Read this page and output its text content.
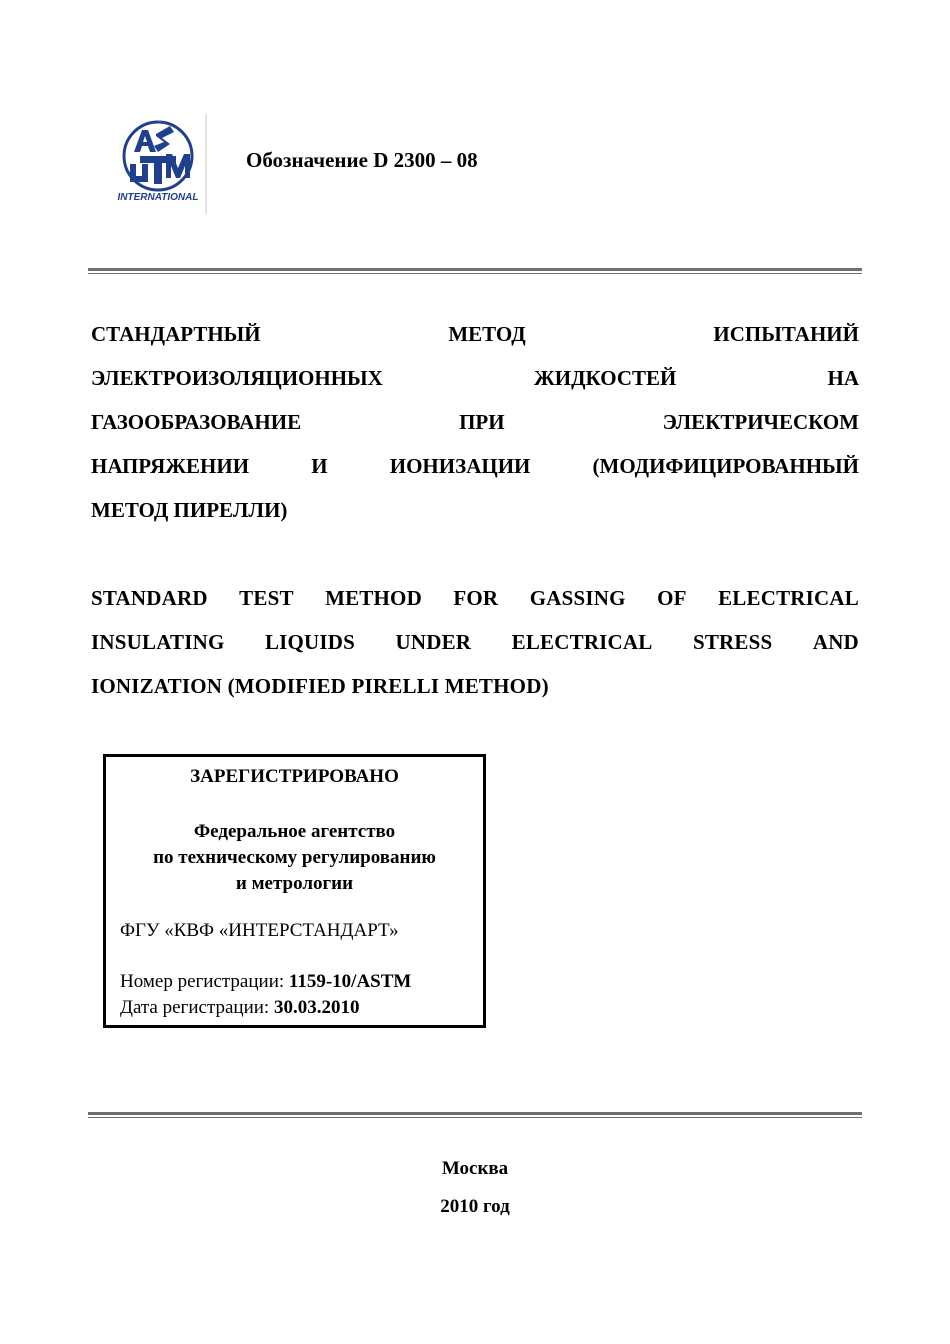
ASTM
INTERNATIONAL
Обозначение D 2300 – 08
СТАНДАРТНЫЙ	МЕТОД	ИСПЫТАНИЙ
ЭЛЕКТРОИЗОЛЯЦИОННЫХ	ЖИДКОСТЕЙ	НА
ГАЗООБРАЗОВАНИЕ	ПРИ	ЭЛЕКТРИЧЕСКОМ
НАПРЯЖЕНИИ	И	ИОНИЗАЦИИ	(МОДИФИЦИРОВАННЫЙ
МЕТОД ПИРЕЛЛИ)
STANDARD TEST METHOD FOR GASSING OF ELECTRICAL
INSULATING LIQUIDS UNDER ELECTRICAL STRESS AND
IONIZATION (MODIFIED PIRELLI METHOD)
ЗАРЕГИСТРИРОВАНО
Федеральное агентство
по техническому регулированию
и метрологии
ФГУ «КВФ «ИНТЕРСТАНДАРТ»
Номер регистрации: 1159-10/ASTM
Дата регистрации: 30.03.2010
Москва
2010 год
